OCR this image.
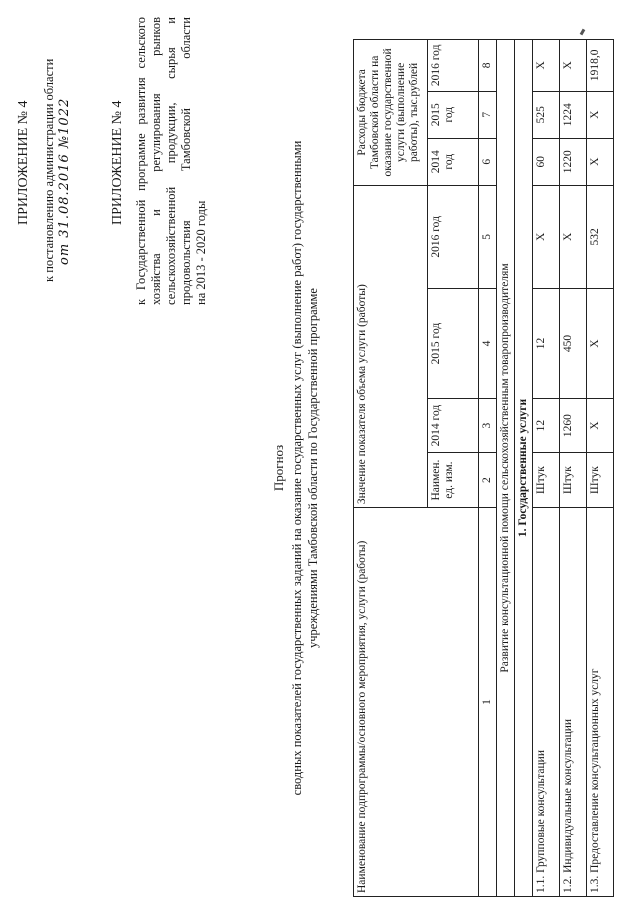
ПРИЛОЖЕНИЕ № 4 к постановлению администрации области от 31.08.2016 №1022	ПРИЛОЖЕНИЕ № 4 к Государственной программе развития сельского хозяйства и регулирования рынков сельскохозяйственной продукции, сырья и продовольствия Тамбовской области на 2013 - 2020 годы
Прогноз сводных показателей государственных заданий на оказание государственных услуг (выполнение работ) государственными учреждениями Тамбовской области по Государственной программе
Наименование подпрограммы/основного мероприятия, услуги (работы)	Значение показателя объема услуги (работы)				Расходы бюджета Тамбовской области на оказание государственной услуги (выполнение работы), тыс.рублей		
	Наимен. ед. изм.	2014 год	2015 год	2016 год	2014 год	2015 год	2016 год
1	2	3	4	5	6	7	8
Развитие консультационной помощи сельскохозяйственным товаропроизводителям							
1. Государственные услуги							
1.1. Групповые консультации	Штук	12	12	Х	60	525	Х
1.2. Индивидуальные консультации	Штук	1260	450	Х	1220	1224	Х
1.3. Предоставление консультационных услуг	Штук	Х	Х	532	Х	Х	1918,0
